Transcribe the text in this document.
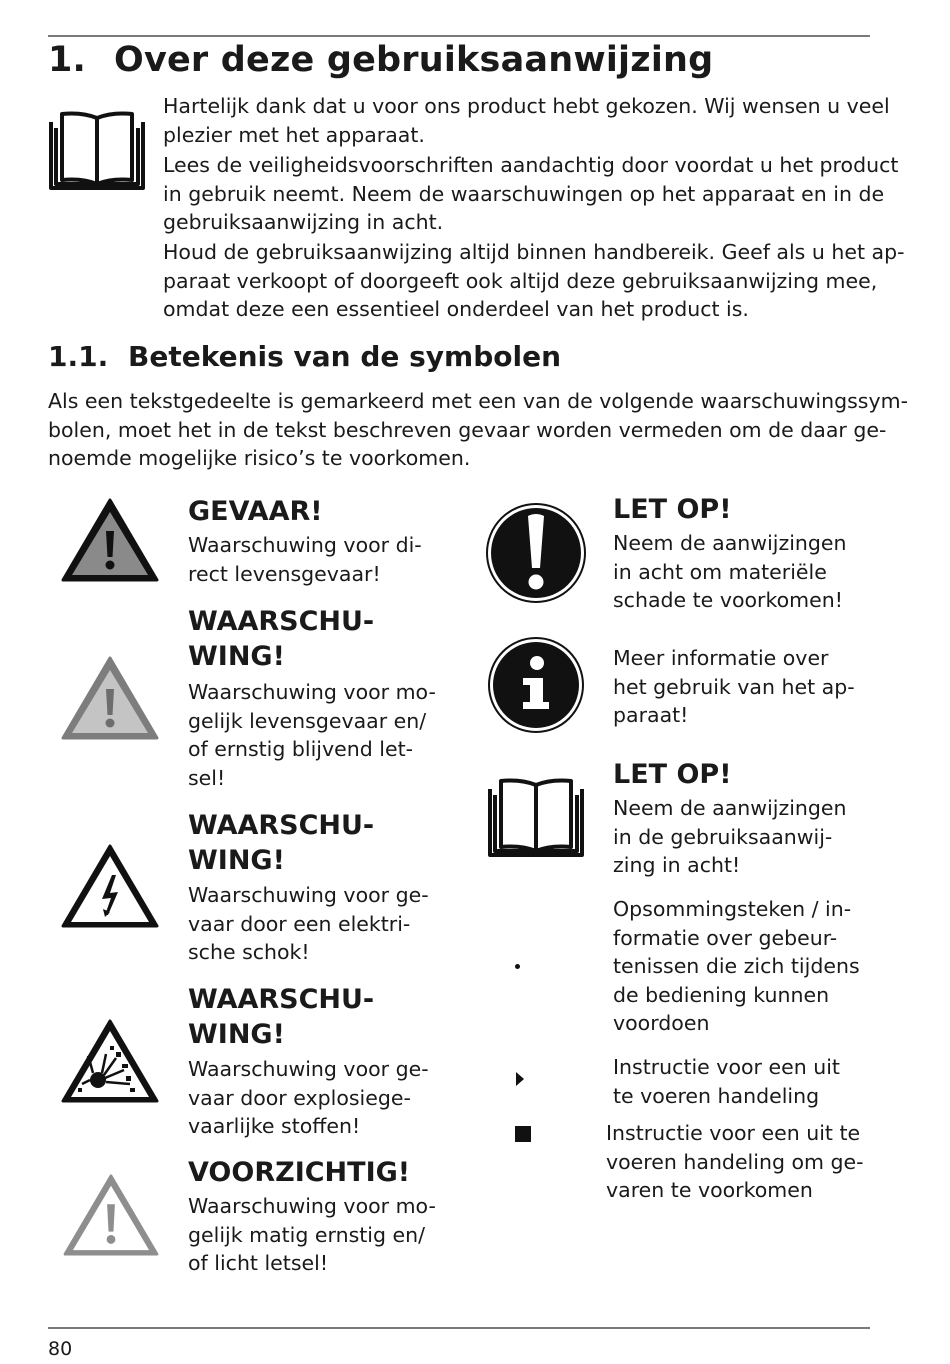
1. Over deze gebruiksaanwijzing
Hartelijk dank dat u voor ons product hebt gekozen. Wij wensen u veel
plezier met het apparaat.
Lees de veiligheidsvoorschriften aandachtig door voordat u het product
in gebruik neemt. Neem de waarschuwingen op het apparaat en in de
gebruiksaanwijzing in acht.
Houd de gebruiksaanwijzing altijd binnen handbereik. Geef als u het ap-
paraat verkoopt of doorgeeft ook altijd deze gebruiksaanwijzing mee,
omdat deze een essentieel onderdeel van het product is.
1.1. Betekenis van de symbolen
Als een tekstgedeelte is gemarkeerd met een van de volgende waarschuwingssym-
bolen, moet het in de tekst beschreven gevaar worden vermeden om de daar ge-
noemde mogelijke risico’s te voorkomen.
GEVAAR!
Waarschuwing voor di-
rect levensgevaar!
WAARSCHU-
WING!
Waarschuwing voor mo-
gelijk levensgevaar en/
of ernstig blijvend let-
sel!
WAARSCHU-
WING!
Waarschuwing voor ge-
vaar door een elektri-
sche schok!
WAARSCHU-
WING!
Waarschuwing voor ge-
vaar door explosiege-
vaarlijke stoffen!
VOORZICHTIG!
Waarschuwing voor mo-
gelijk matig ernstig en/
of licht letsel!
LET OP!
Neem de aanwijzingen
in acht om materiële
schade te voorkomen!
Meer informatie over
het gebruik van het ap-
paraat!
LET OP!
Neem de aanwijzingen
in de gebruiksaanwij-
zing in acht!
Opsommingsteken / in-
formatie over gebeur-
tenissen die zich tijdens
de bediening kunnen
voordoen
Instructie voor een uit
te voeren handeling
Instructie voor een uit te
voeren handeling om ge-
varen te voorkomen
80
